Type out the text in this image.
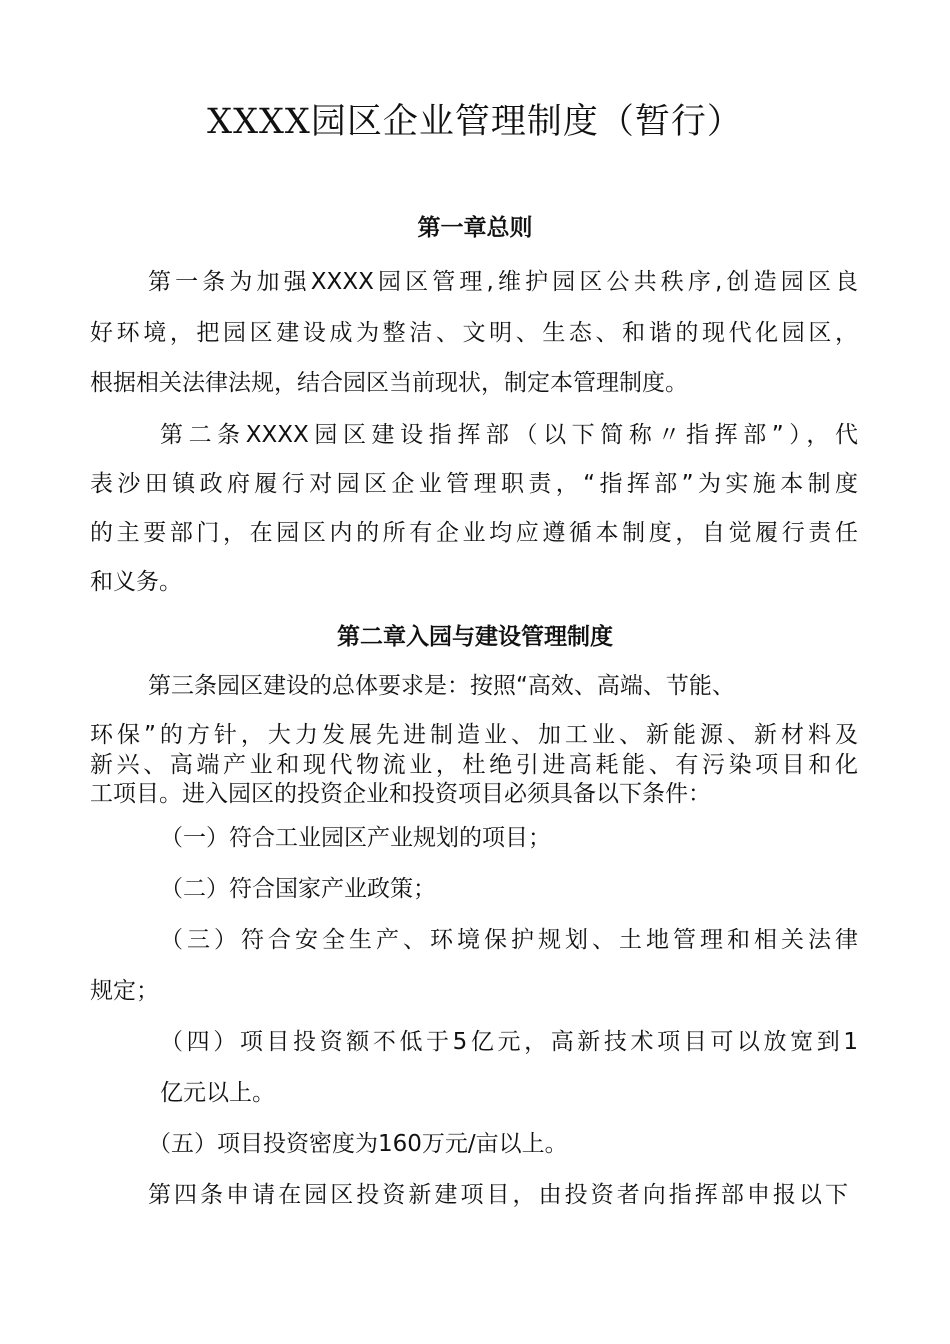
XXXX园区企业管理制度（暂行）
第一章总则
第一条为加强XXXX园区管理,维护园区公共秩序,创造园区良
好环境，把园区建设成为整洁、文明、生态、和谐的现代化园区，
根据相关法律法规，结合园区当前现状，制定本管理制度。
第二条XXXX园区建设指挥部（以下简称〃指挥部”），代
表沙田镇政府履行对园区企业管理职责，“指挥部”为实施本制度
的主要部门，在园区内的所有企业均应遵循本制度，自觉履行责任
和义务。
第二章入园与建设管理制度
第三条园区建设的总体要求是：按照“高效、高端、节能、
环保”的方针，大力发展先进制造业、加工业、新能源、新材料及
新兴、高端产业和现代物流业，杜绝引进高耗能、有污染项目和化
工项目。进入园区的投资企业和投资项目必须具备以下条件：
（一）符合工业园区产业规划的项目；
（二）符合国家产业政策；
（三）符合安全生产、环境保护规划、土地管理和相关法律
规定；
（四）项目投资额不低于5亿元，高新技术项目可以放宽到1
亿元以上。
（五）项目投资密度为160万元/亩以上。
第四条申请在园区投资新建项目，由投资者向指挥部申报以下
